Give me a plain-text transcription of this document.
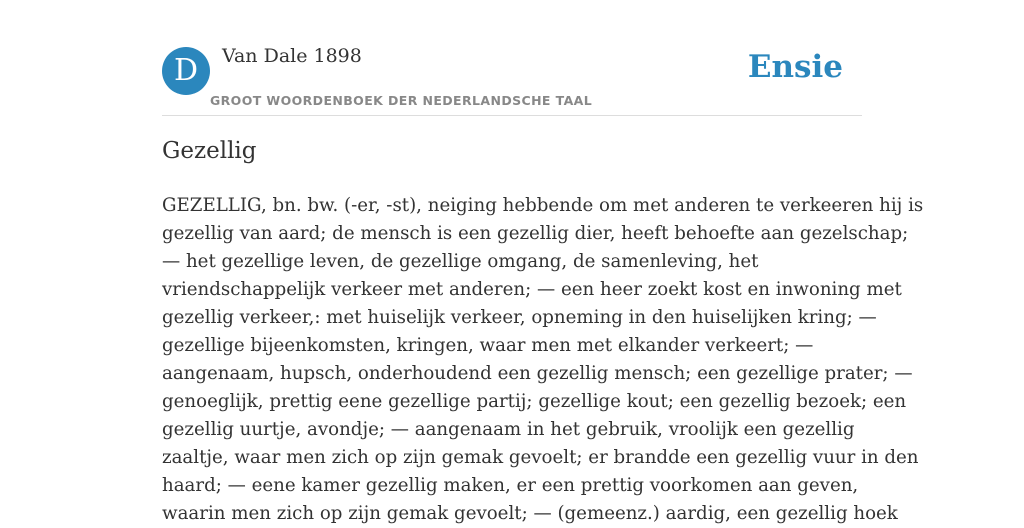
D	Van Dale 1898
GROOT WOORDENBOEK DER NEDERLANDSCHE TAAL
Ensie
Gezellig

GEZELLIG, bn. bw. (-er, -st), neiging hebbende om met anderen te verkeeren hij is
gezellig van aard; de mensch is een gezellig dier, heeft behoefte aan gezelschap;
— het gezellige leven, de gezellige omgang, de samenleving, het
vriendschappelijk verkeer met anderen; — een heer zoekt kost en inwoning met
gezellig verkeer,: met huiselijk verkeer, opneming in den huiselijken kring; —
gezellige bijeenkomsten, kringen, waar men met elkander verkeert; —
aangenaam, hupsch, onderhoudend een gezellig mensch; een gezellige prater; —
genoeglijk, prettig eene gezellige partij; gezellige kout; een gezellig bezoek; een
gezellig uurtje, avondje; — aangenaam in het gebruik, vroolijk een gezellig
zaaltje, waar men zich op zijn gemak gevoelt; er brandde een gezellig vuur in den
haard; — eene kamer gezellig maken, er een prettig voorkomen aan geven,
waarin men zich op zijn gemak gevoelt; — (gemeenz.) aardig, een gezellig hoek
